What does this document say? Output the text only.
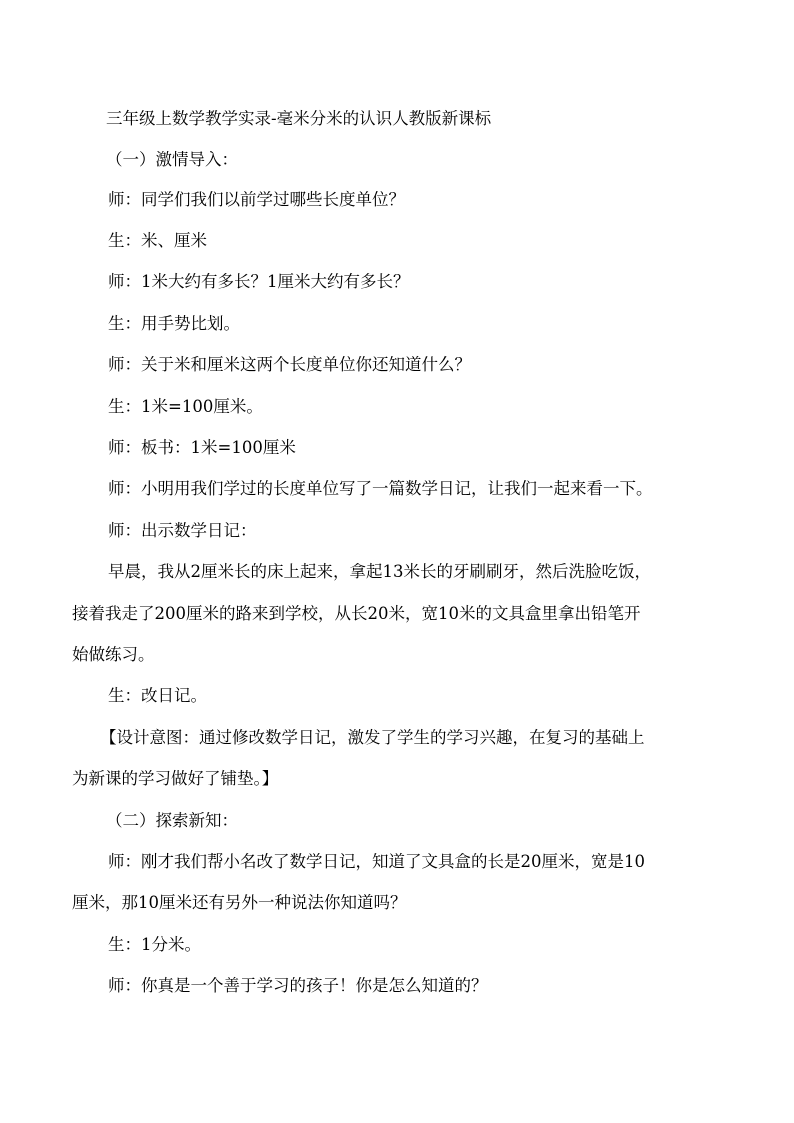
三年级上数学教学实录-毫米分米的认识人教版新课标
（一）激情导入：
师：同学们我们以前学过哪些长度单位？
生：米、厘米
师：1米大约有多长？1厘米大约有多长？
生：用手势比划。
师：关于米和厘米这两个长度单位你还知道什么？
生：1米=100厘米。
师：板书：1米=100厘米
师：小明用我们学过的长度单位写了一篇数学日记，让我们一起来看一下。
师：出示数学日记：
早晨，我从2厘米长的床上起来，拿起13米长的牙刷刷牙，然后洗脸吃饭，
接着我走了200厘米的路来到学校，从长20米，宽10米的文具盒里拿出铅笔开
始做练习。
生：改日记。
【设计意图：通过修改数学日记，激发了学生的学习兴趣，在复习的基础上
为新课的学习做好了铺垫。】
（二）探索新知：
师：刚才我们帮小名改了数学日记，知道了文具盒的长是20厘米，宽是10
厘米，那10厘米还有另外一种说法你知道吗？
生：1分米。
师：你真是一个善于学习的孩子！你是怎么知道的？
